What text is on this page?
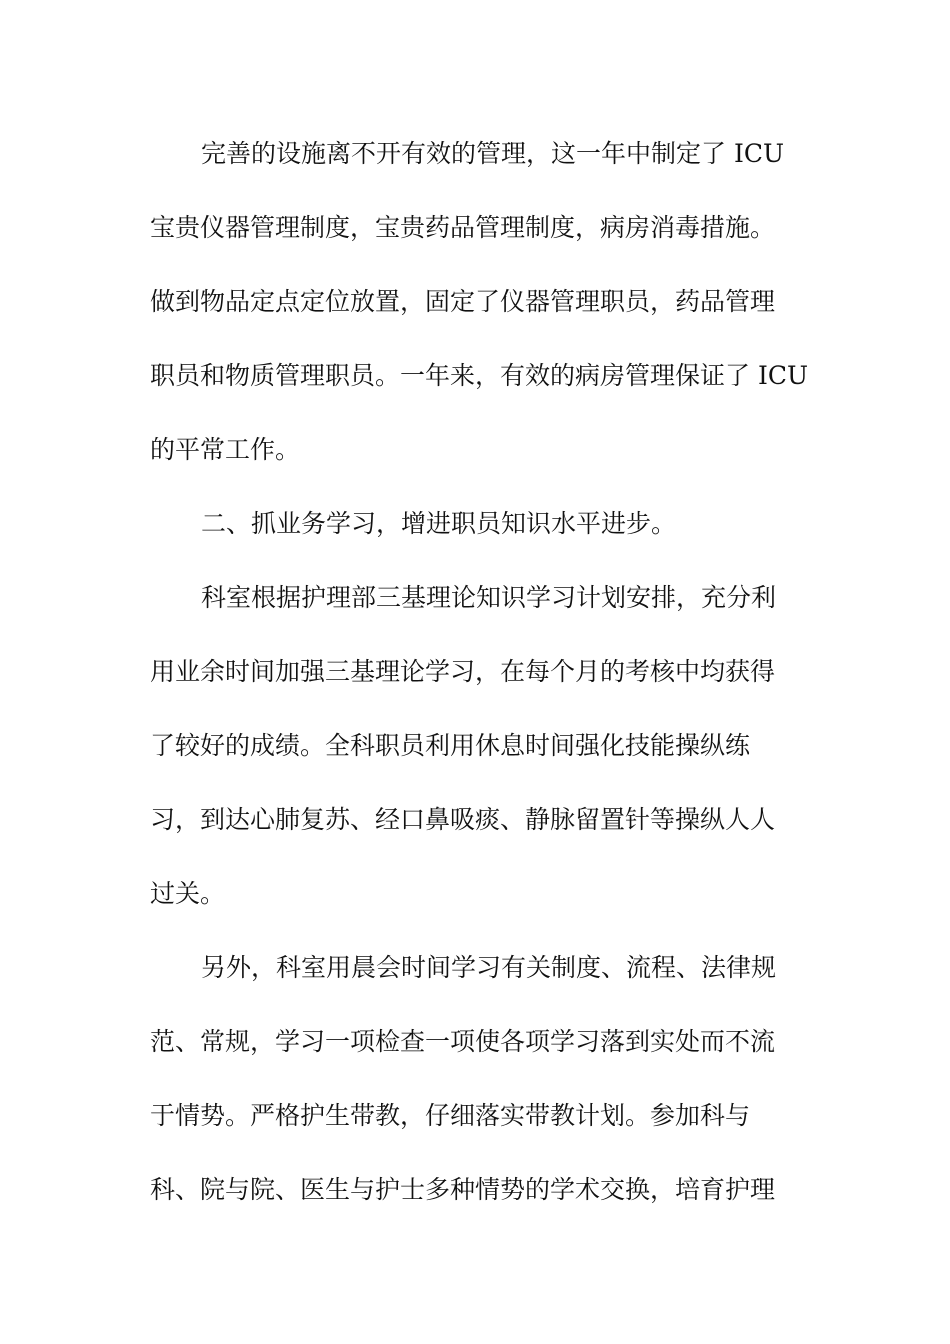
完善的设施离不开有效的管理，这一年中制定了 ICU
宝贵仪器管理制度，宝贵药品管理制度，病房消毒措施。
做到物品定点定位放置，固定了仪器管理职员，药品管理
职员和物质管理职员。一年来，有效的病房管理保证了 ICU
的平常工作。
二、抓业务学习，增进职员知识水平进步。
科室根据护理部三基理论知识学习计划安排，充分利
用业余时间加强三基理论学习，在每个月的考核中均获得
了较好的成绩。全科职员利用休息时间强化技能操纵练
习，到达心肺复苏、经口鼻吸痰、静脉留置针等操纵人人
过关。
另外，科室用晨会时间学习有关制度、流程、法律规
范、常规，学习一项检查一项使各项学习落到实处而不流
于情势。严格护生带教，仔细落实带教计划。参加科与
科、院与院、医生与护士多种情势的学术交换，培育护理
